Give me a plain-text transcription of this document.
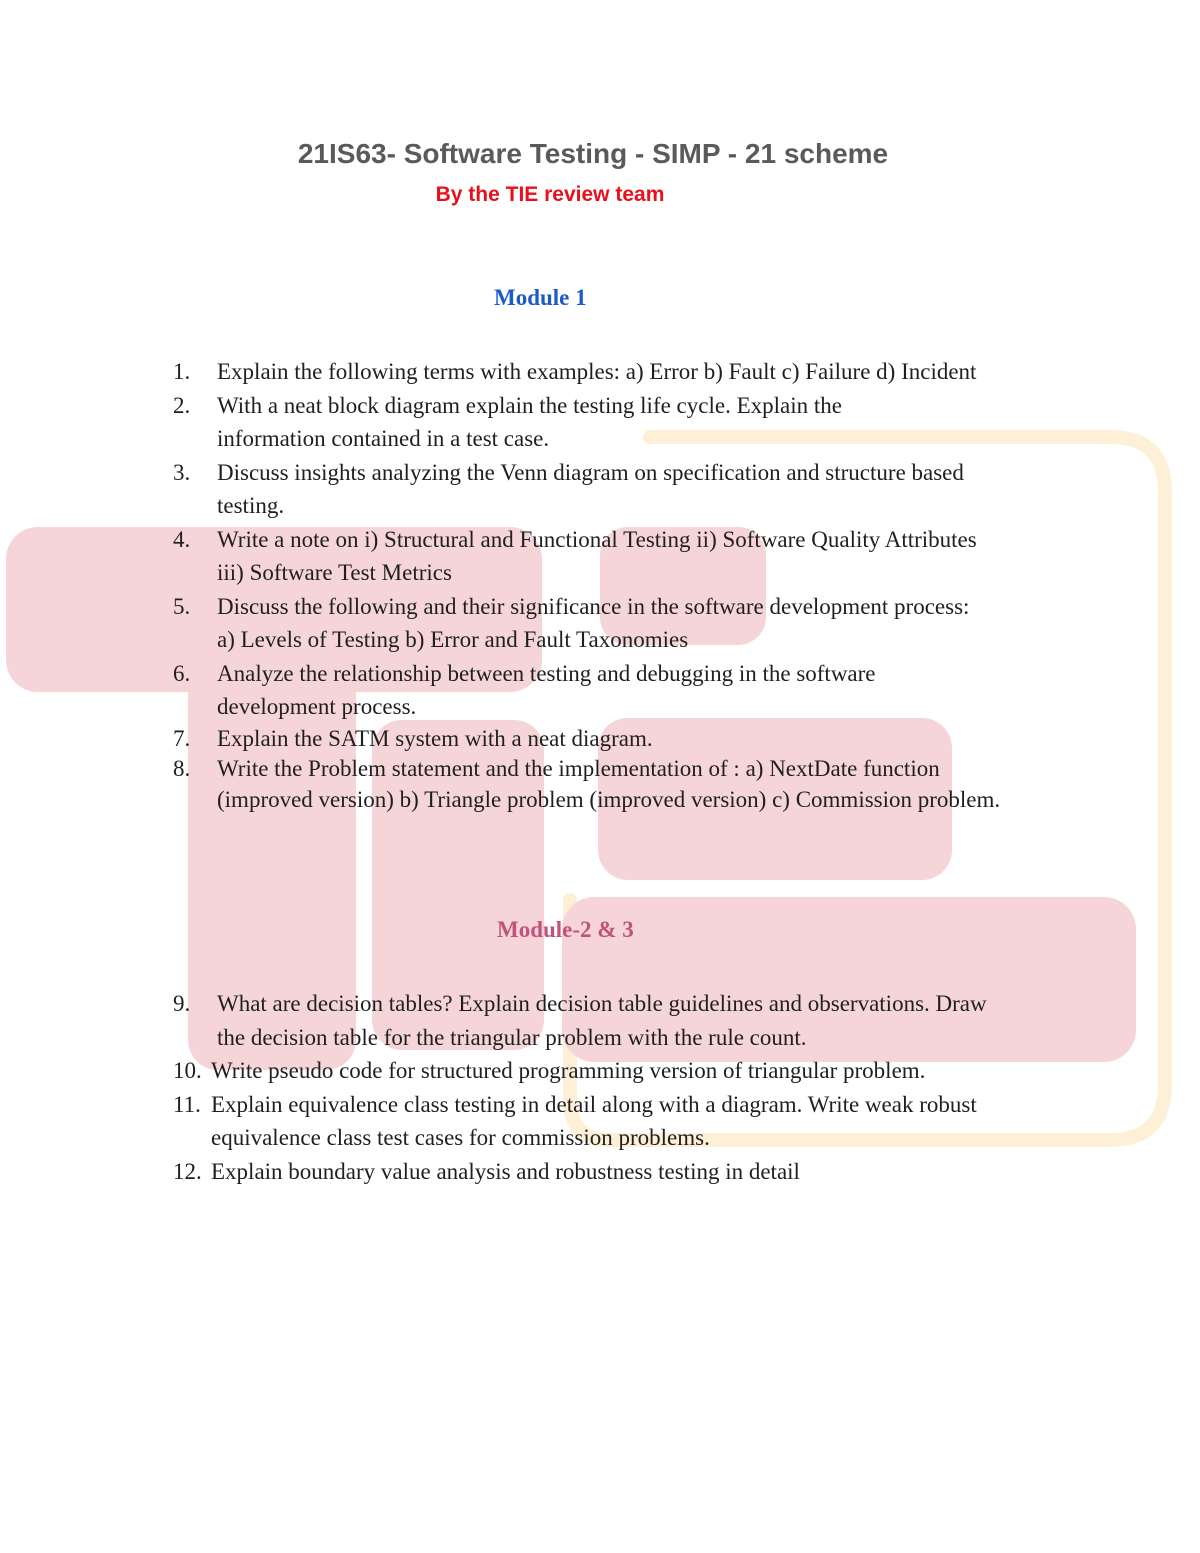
21IS63- Software Testing - SIMP - 21 scheme
By the TIE review team
Module 1
1. Explain the following terms with examples: a) Error b) Fault c) Failure d) Incident
2. With a neat block diagram explain the testing life cycle. Explain the information contained in a test case.
3. Discuss insights analyzing the Venn diagram on specification and structure based testing.
4. Write a note on i) Structural and Functional Testing ii) Software Quality Attributes iii) Software Test Metrics
5. Discuss the following and their significance in the software development process: a) Levels of Testing b) Error and Fault Taxonomies
6. Analyze the relationship between testing and debugging in the software development process.
7. Explain the SATM system with a neat diagram.
8. Write the Problem statement and the implementation of : a) NextDate function (improved version) b) Triangle problem (improved version) c) Commission problem.
Module-2 & 3
9. What are decision tables? Explain decision table guidelines and observations. Draw the decision table for the triangular problem with the rule count.
10. Write pseudo code for structured programming version of triangular problem.
11. Explain equivalence class testing in detail along with a diagram. Write weak robust equivalence class test cases for commission problems.
12. Explain boundary value analysis and robustness testing in detail
